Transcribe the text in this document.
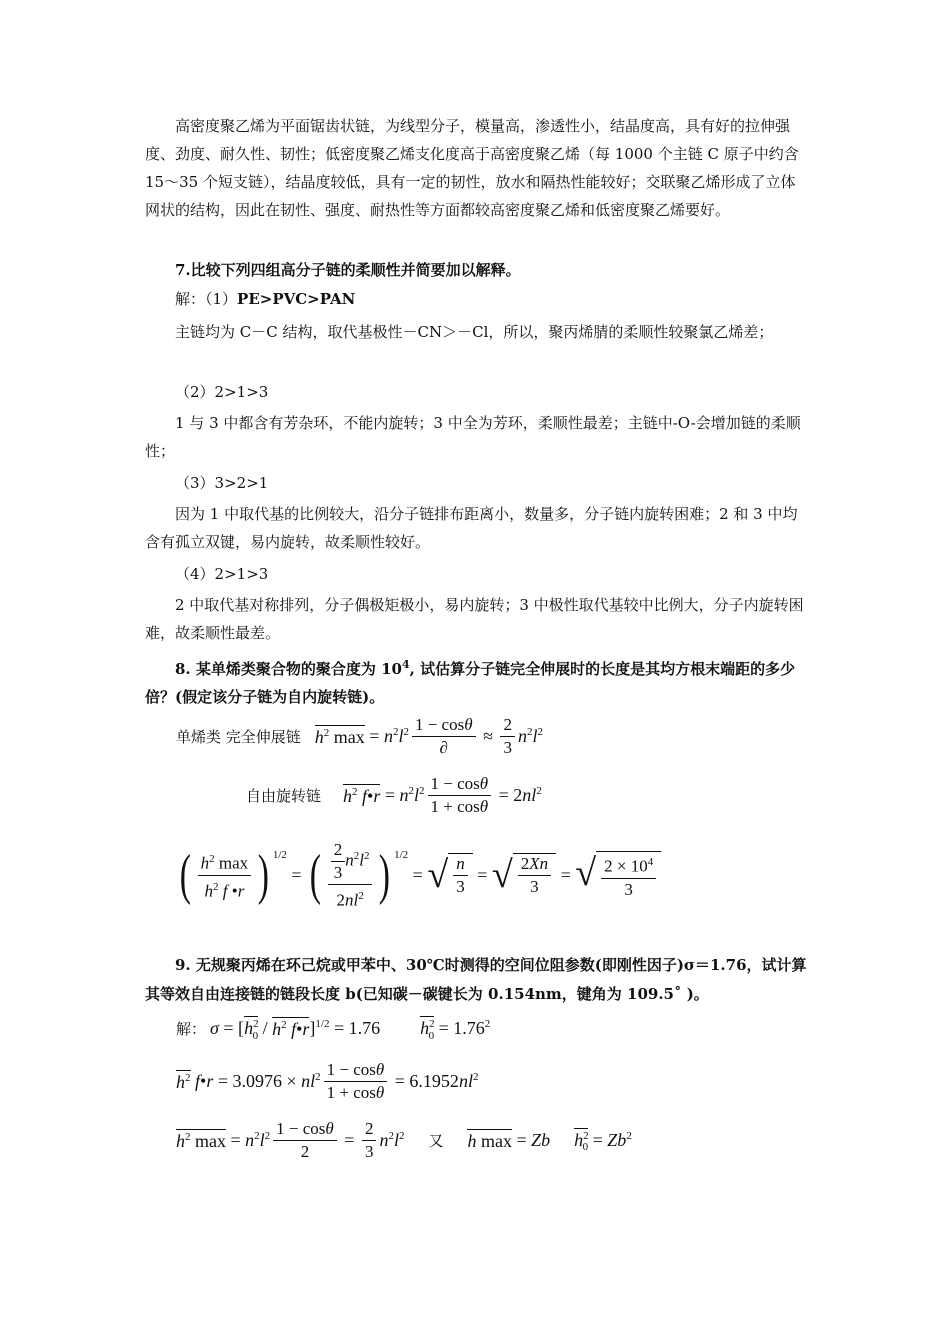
高密度聚乙烯为平面锯齿状链，为线型分子，模量高，渗透性小，结晶度高，具有好的拉伸强度、劲度、耐久性、韧性；低密度聚乙烯支化度高于高密度聚乙烯（每 1000 个主链 C 原子中约含 15～35 个短支链），结晶度较低，具有一定的韧性，放水和隔热性能较好；交联聚乙烯形成了立体网状的结构，因此在韧性、强度、耐热性等方面都较高密度聚乙烯和低密度聚乙烯要好。

7.比较下列四组高分子链的柔顺性并简要加以解释。

解：（1）PE>PVC>PAN

主链均为 C－C 结构，取代基极性－CN＞－Cl，所以，聚丙烯腈的柔顺性较聚氯乙烯差；

（2）2>1>3

1 与 3 中都含有芳杂环，不能内旋转；3 中全为芳环，柔顺性最差；主链中-O-会增加链的柔顺性；

（3）3>2>1

因为 1 中取代基的比例较大，沿分子链排布距离小，数量多，分子链内旋转困难；2 和 3 中均含有孤立双键，易内旋转，故柔顺性较好。

（4）2>1>3

2 中取代基对称排列，分子偶极矩极小，易内旋转；3 中极性取代基较中比例大，分子内旋转困难，故柔顺性最差。

8. 某单烯类聚合物的聚合度为 $10^4$, 试估算分子链完全伸展时的长度是其均方根末端距的多少倍？(假定该分子链为自内旋转链)。

单烯类 完全伸展链 $h^2$ $\max = n^2l^2 \frac{1 - \cos\theta}{\partial} \approx \frac{2}{3} n^2l^2$
自由旋转链 $h^2$ f•r = $n^2l^2 \frac{1 - \cos\theta}{1 + \cos\theta} = 2nl^2$
( $\frac{h^2 \max}{h^2 f •r}$ ) 1/2
= ( $\frac{\frac{2}{3} n^2l^2}{2nl^2}$ ) 1/2
= √ $\frac{n}{3}$ = √ $\frac{2Xn}{3}$ = √ $\frac{2 \times 10^4}{3}$

9. 无规聚丙烯在环己烷或甲苯中、30℃时测得的空间位阻参数(即刚性因子)σ＝1.76，试计算其等效自由连接链的链段长度 b(已知碳－碳键长为 0.154nm，键角为 109.5˚ )。

解： σ = [ $h^2_0 / h^2$ f•r ]$^{1/2}$ = 1.76 $h^2_0 = 1.76^2$
$h^2$ f•r = $3.0976 \times nl^2 \frac{1 - \cos\theta}{1 + \cos\theta} = 6.1952nl^2$
$h^2$ $\max = n^2l^2 \frac{1 - \cos\theta}{2} = \frac{2}{3} n^2l^2$ 又 h max = Zb $h^2_0 = Zb^2$
